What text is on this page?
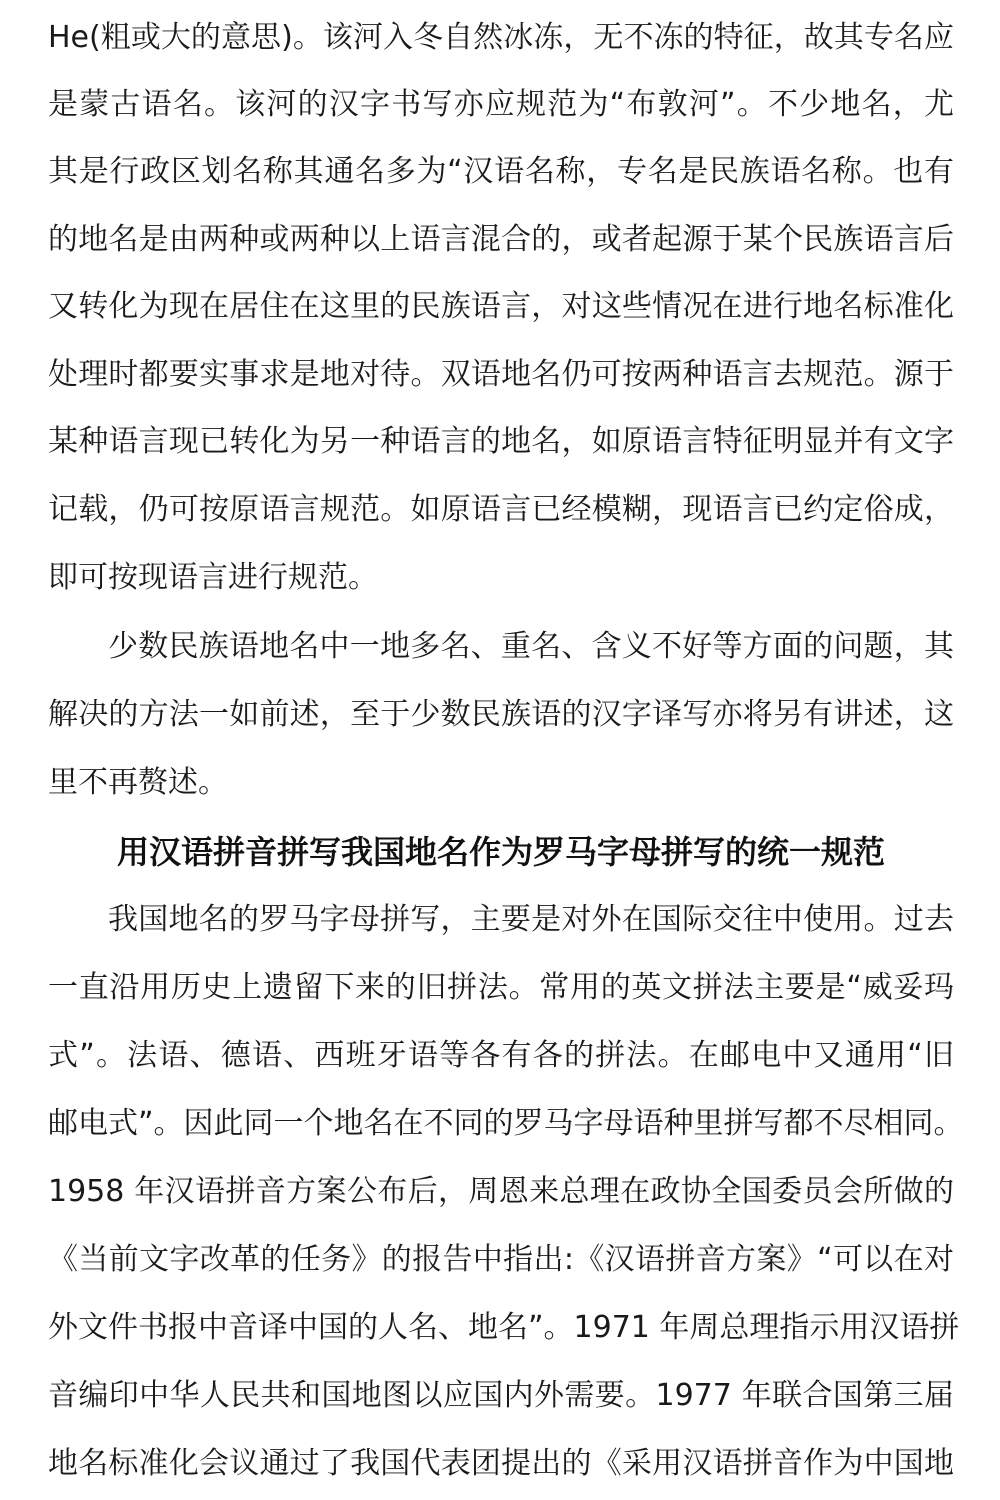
He(粗或大的意思)。该河入冬自然冰冻，无不冻的特征，故其专名应
是蒙古语名。该河的汉字书写亦应规范为“布敦河”。不少地名，尤
其是行政区划名称其通名多为“汉语名称，专名是民族语名称。也有
的地名是由两种或两种以上语言混合的，或者起源于某个民族语言后
又转化为现在居住在这里的民族语言，对这些情况在进行地名标准化
处理时都要实事求是地对待。双语地名仍可按两种语言去规范。源于
某种语言现已转化为另一种语言的地名，如原语言特征明显并有文字
记载，仍可按原语言规范。如原语言已经模糊，现语言已约定俗成，
即可按现语言进行规范。
少数民族语地名中一地多名、重名、含义不好等方面的问题，其
解决的方法一如前述，至于少数民族语的汉字译写亦将另有讲述，这
里不再赘述。
用汉语拼音拼写我国地名作为罗马字母拼写的统一规范
我国地名的罗马字母拼写，主要是对外在国际交往中使用。过去
一直沿用历史上遗留下来的旧拼法。常用的英文拼法主要是“威妥玛
式”。法语、德语、西班牙语等各有各的拼法。在邮电中又通用“旧
邮电式”。因此同一个地名在不同的罗马字母语种里拼写都不尽相同。
1958 年汉语拼音方案公布后，周恩来总理在政协全国委员会所做的
《当前文字改革的任务》的报告中指出:《汉语拼音方案》“可以在对
外文件书报中音译中国的人名、地名”。1971 年周总理指示用汉语拼
音编印中华人民共和国地图以应国内外需要。1977 年联合国第三届
地名标准化会议通过了我国代表团提出的《采用汉语拼音作为中国地
